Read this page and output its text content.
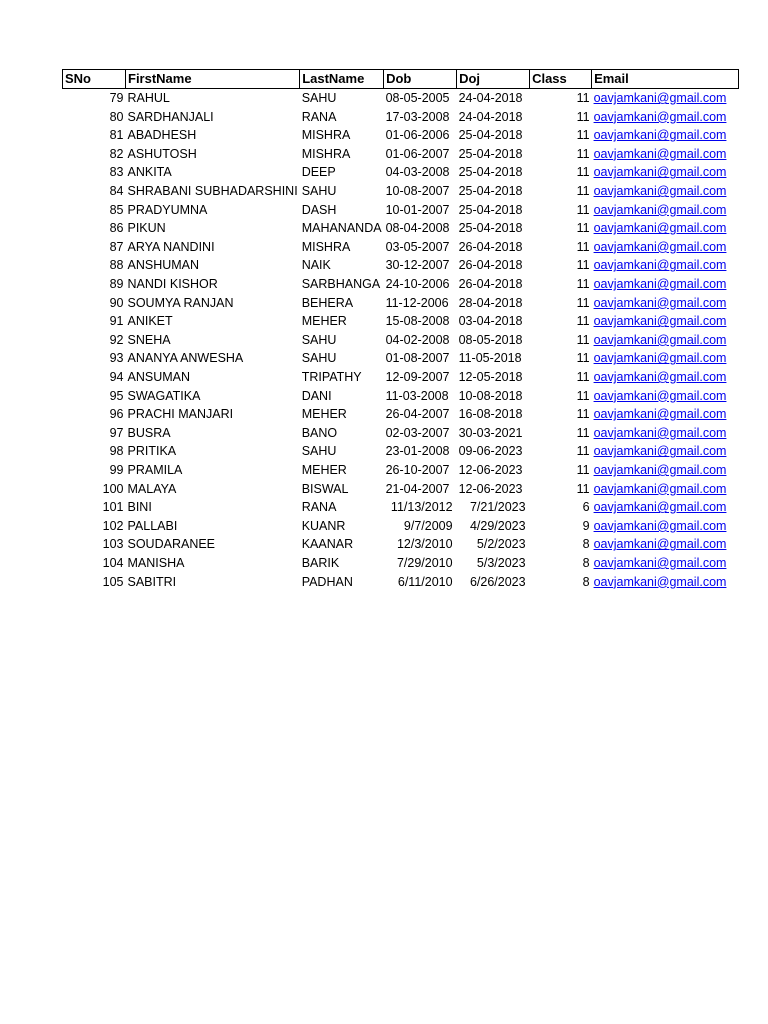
SNo	FirstName	LastName	Dob	Doj	Class	Email
79	RAHUL	SAHU	08-05-2005	24-04-2018	11	oavjamkani@gmail.com
80	SARDHANJALI	RANA	17-03-2008	24-04-2018	11	oavjamkani@gmail.com
81	ABADHESH	MISHRA	01-06-2006	25-04-2018	11	oavjamkani@gmail.com
82	ASHUTOSH	MISHRA	01-06-2007	25-04-2018	11	oavjamkani@gmail.com
83	ANKITA	DEEP	04-03-2008	25-04-2018	11	oavjamkani@gmail.com
84	SHRABANI SUBHADARSHINI	SAHU	10-08-2007	25-04-2018	11	oavjamkani@gmail.com
85	PRADYUMNA	DASH	10-01-2007	25-04-2018	11	oavjamkani@gmail.com
86	PIKUN	MAHANANDA	08-04-2008	25-04-2018	11	oavjamkani@gmail.com
87	ARYA NANDINI	MISHRA	03-05-2007	26-04-2018	11	oavjamkani@gmail.com
88	ANSHUMAN	NAIK	30-12-2007	26-04-2018	11	oavjamkani@gmail.com
89	NANDI KISHOR	SARBHANGA	24-10-2006	26-04-2018	11	oavjamkani@gmail.com
90	SOUMYA RANJAN	BEHERA	11-12-2006	28-04-2018	11	oavjamkani@gmail.com
91	ANIKET	MEHER	15-08-2008	03-04-2018	11	oavjamkani@gmail.com
92	SNEHA	SAHU	04-02-2008	08-05-2018	11	oavjamkani@gmail.com
93	ANANYA ANWESHA	SAHU	01-08-2007	11-05-2018	11	oavjamkani@gmail.com
94	ANSUMAN	TRIPATHY	12-09-2007	12-05-2018	11	oavjamkani@gmail.com
95	SWAGATIKA	DANI	11-03-2008	10-08-2018	11	oavjamkani@gmail.com
96	PRACHI MANJARI	MEHER	26-04-2007	16-08-2018	11	oavjamkani@gmail.com
97	BUSRA	BANO	02-03-2007	30-03-2021	11	oavjamkani@gmail.com
98	PRITIKA	SAHU	23-01-2008	09-06-2023	11	oavjamkani@gmail.com
99	PRAMILA	MEHER	26-10-2007	12-06-2023	11	oavjamkani@gmail.com
100	MALAYA	BISWAL	21-04-2007	12-06-2023	11	oavjamkani@gmail.com
101	BINI	RANA	11/13/2012	7/21/2023	6	oavjamkani@gmail.com
102	PALLABI	KUANR	9/7/2009	4/29/2023	9	oavjamkani@gmail.com
103	SOUDARANEE	KAANAR	12/3/2010	5/2/2023	8	oavjamkani@gmail.com
104	MANISHA	BARIK	7/29/2010	5/3/2023	8	oavjamkani@gmail.com
105	SABITRI	PADHAN	6/11/2010	6/26/2023	8	oavjamkani@gmail.com
